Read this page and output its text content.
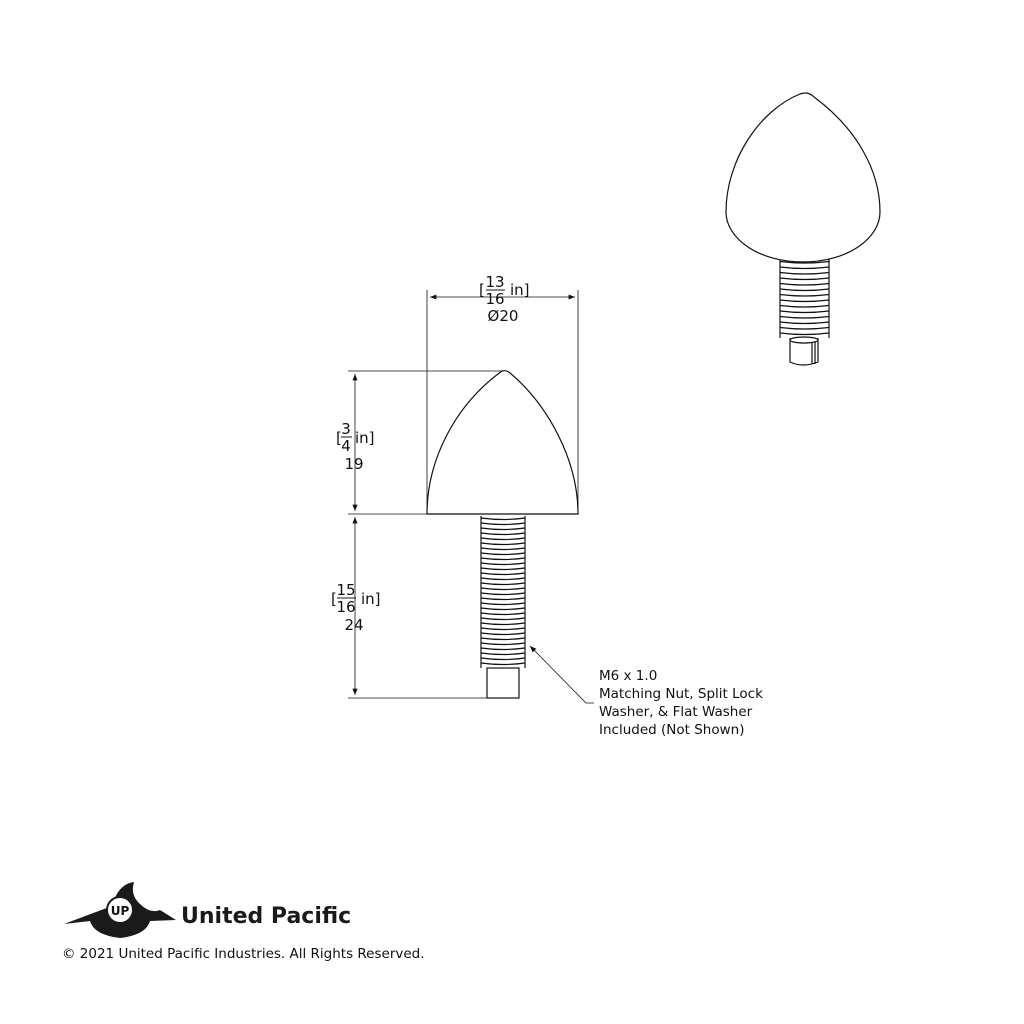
[ 13
16 in]
Ø20
[ 3
4 in]
19
[ 15
16 in]
24
M6 x 1.0
Matching Nut, Split Lock
Washer, & Flat Washer
Included (Not Shown)
UP United Pacific
© 2021 United Pacific Industries. All Rights Reserved.
